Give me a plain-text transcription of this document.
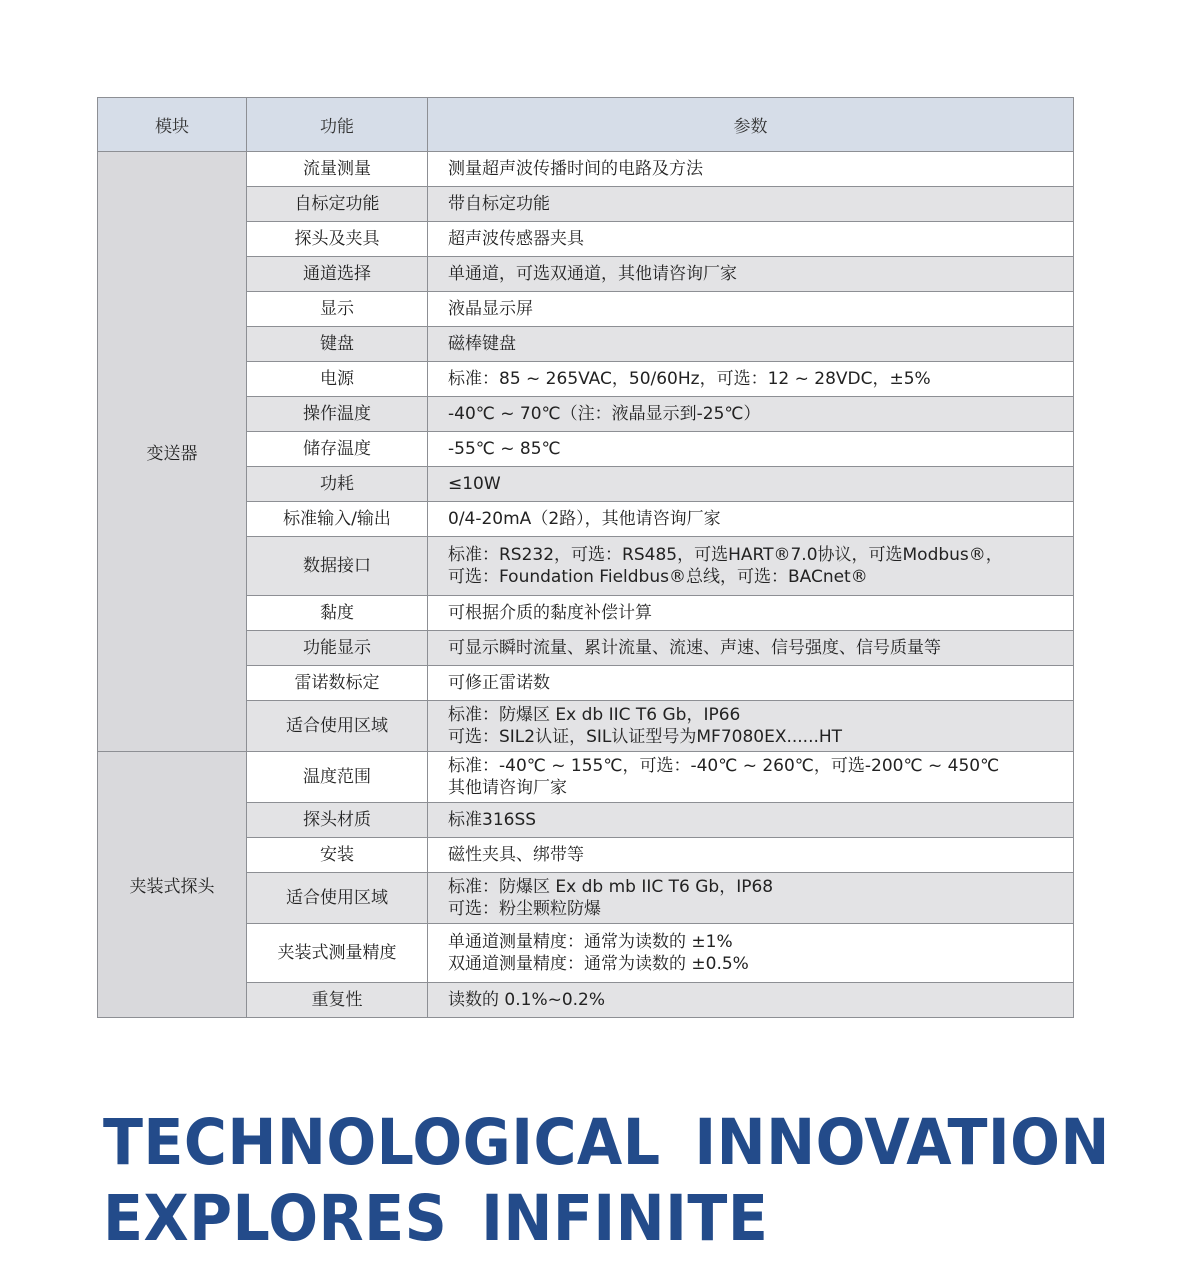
模块	功能	参数
变送器	流量测量	测量超声波传播时间的电路及方法

	自标定功能	带自标定功能

	探头及夹具	超声波传感器夹具

	通道选择	单通道，可选双通道，其他请咨询厂家

	显示	液晶显示屏

	键盘	磁棒键盘

	电源	标准：85 ~ 265VAC，50/60Hz，可选：12 ~ 28VDC，±5%

	操作温度	-40℃ ~ 70℃（注：液晶显示到-25℃）

	储存温度	-55℃ ~ 85℃

	功耗	≤10W

	标准输入/输出	0/4-20mA（2路），其他请咨询厂家

	数据接口	标准：RS232，可选：RS485，可选HART®7.0协议，可选Modbus®，
可选：Foundation Fieldbus®总线，可选：BACnet®

	黏度	可根据介质的黏度补偿计算

	功能显示	可显示瞬时流量、累计流量、流速、声速、信号强度、信号质量等

	雷诺数标定	可修正雷诺数

	适合使用区域	标准：防爆区 Ex db IIC T6 Gb，IP66
可选：SIL2认证，SIL认证型号为MF7080EX......HT

夹装式探头	温度范围	标准：-40℃ ~ 155℃，可选：-40℃ ~ 260℃，可选-200℃ ~ 450℃
其他请咨询厂家

	探头材质	标准316SS

	安装	磁性夹具、绑带等

	适合使用区域	标准：防爆区 Ex db mb IIC T6 Gb，IP68
可选：粉尘颗粒防爆

	夹装式测量精度	单通道测量精度：通常为读数的 ±1%
双通道测量精度：通常为读数的 ±0.5%

	重复性	读数的 0.1%~0.2%
TECHNOLOGICAL INNOVATION
EXPLORES INFINITE
